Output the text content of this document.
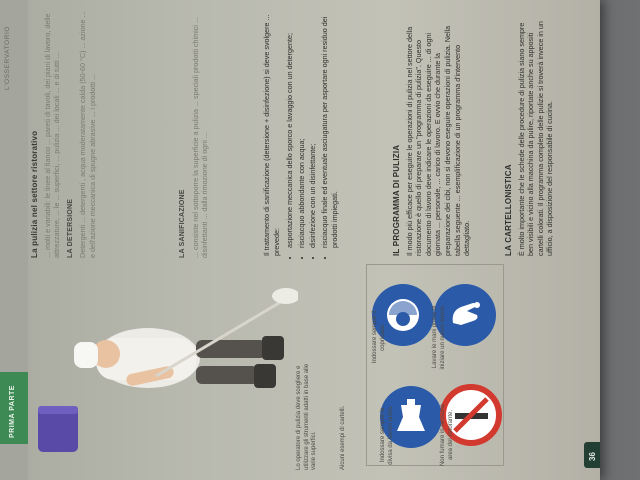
PRIMA PARTE
L'OSSERVATORIO
La pulizia nel settore ristorativo ... molti e variabili: le linee al fianco ... pareti di tavoli, dei piani di lavoro, delle attrezzature, ... le ... superfici, ... pulizia ... dei locali ... e di tutti ... LA DETERSIONE Detergenti ... detergenti , acqua moderatamente calda (50-60 °C) ... azione ... e dell'azione meccanica di spugne abrasive ... i prodotti ...	LA SANIFICAZIONE ... consiste nel sottoporre la superficie a pulizia ... speciali prodotti chimici ... disinfettanti ... dalla rimozione di ogni ...	Il trattamento di sanificazione (detersione + disinfezione) si deve svolgere ... prevede: • asportazione meccanica dello sporco e lavaggio con un detergente; • risciacquo abbondante con acqua; • disinfezione con un disinfettante; • risciacquo finale ed eventuale asciugatura per asportare ogni residuo dei prodotti impiegati.
Lo operatore di pulizia deve scegliere e utilizzare gli strumenti adatti in base alle varie superfici.	Alcuni esempi di cartelli.
Indossare sempre il copricapo.	Lavare le mani prima di iniziare un nuovo lavoro.
Indossare sempre la divisa da lavoro pulita.	Non fumare in nessuna area del ristorante.
IL PROGRAMMA DI PULIZIA Il modo più efficace per eseguire le operazioni di pulizia nel settore della ristorazione è quello di preparare un "programma di pulizia". Questo documento di lavoro deve indicare le operazioni da eseguire ... di ogni giornata ... personale, ... carico di lavoro. E ovvio che durante la preparazione dei cibi, non si devono eseguire operazioni di pulizia. Nella tabella seguente ... esemplificazione di un programma d'intervento dettagliato.	LA CARTELLONISTICA È molto importante che le schede delle procedure di pulizia siano sempre ben visibili e vicino alla macchina da pulire, riportate anche su appositi cartelli colorati. Il programma completo delle pulizie si troverà invece in un ufficio, a disposizione del responsabile di cucina.

36
